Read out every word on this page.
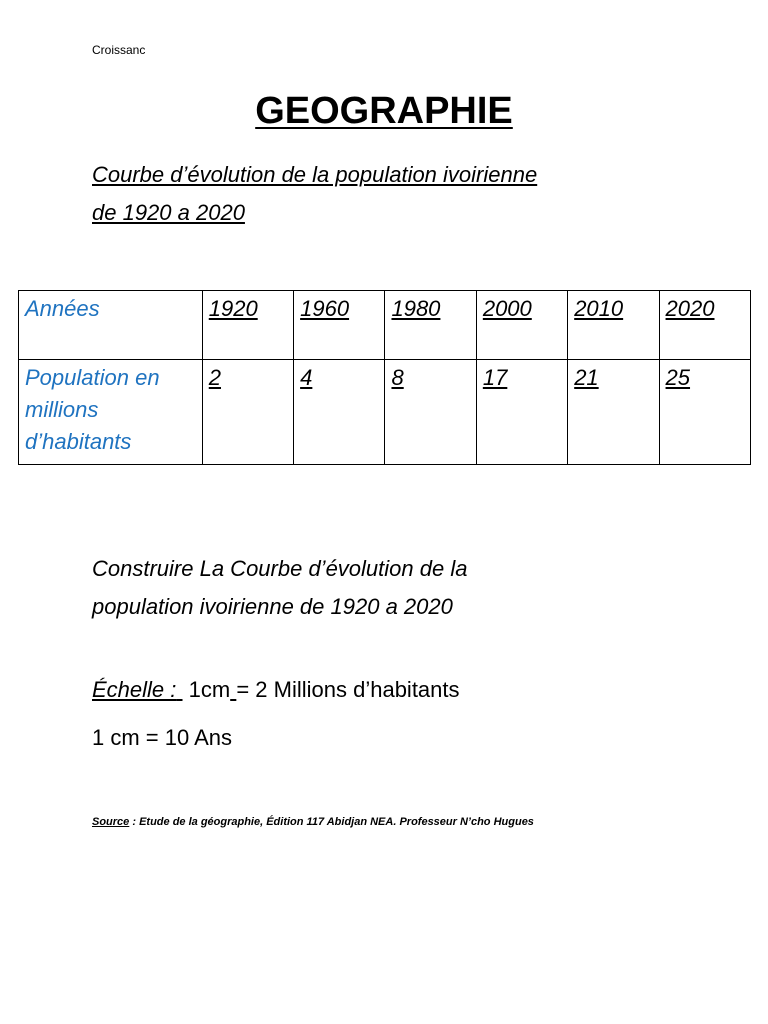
Croissanc
GEOGRAPHIE

Courbe d’évolution de la population ivoirienne
de 1920 a 2020

Années	1920	1960	1980	2000	2010	2020
Population en
millions
d’habitants	2	4	8	17	21	25

Construire La Courbe d’évolution de la
population ivoirienne de 1920 a 2020

Échelle : 1cm = 2 Millions d’habitants
1 cm = 10 Ans
Source : Etude de la géographie, Édition 117 Abidjan NEA. Professeur N’cho Hugues
